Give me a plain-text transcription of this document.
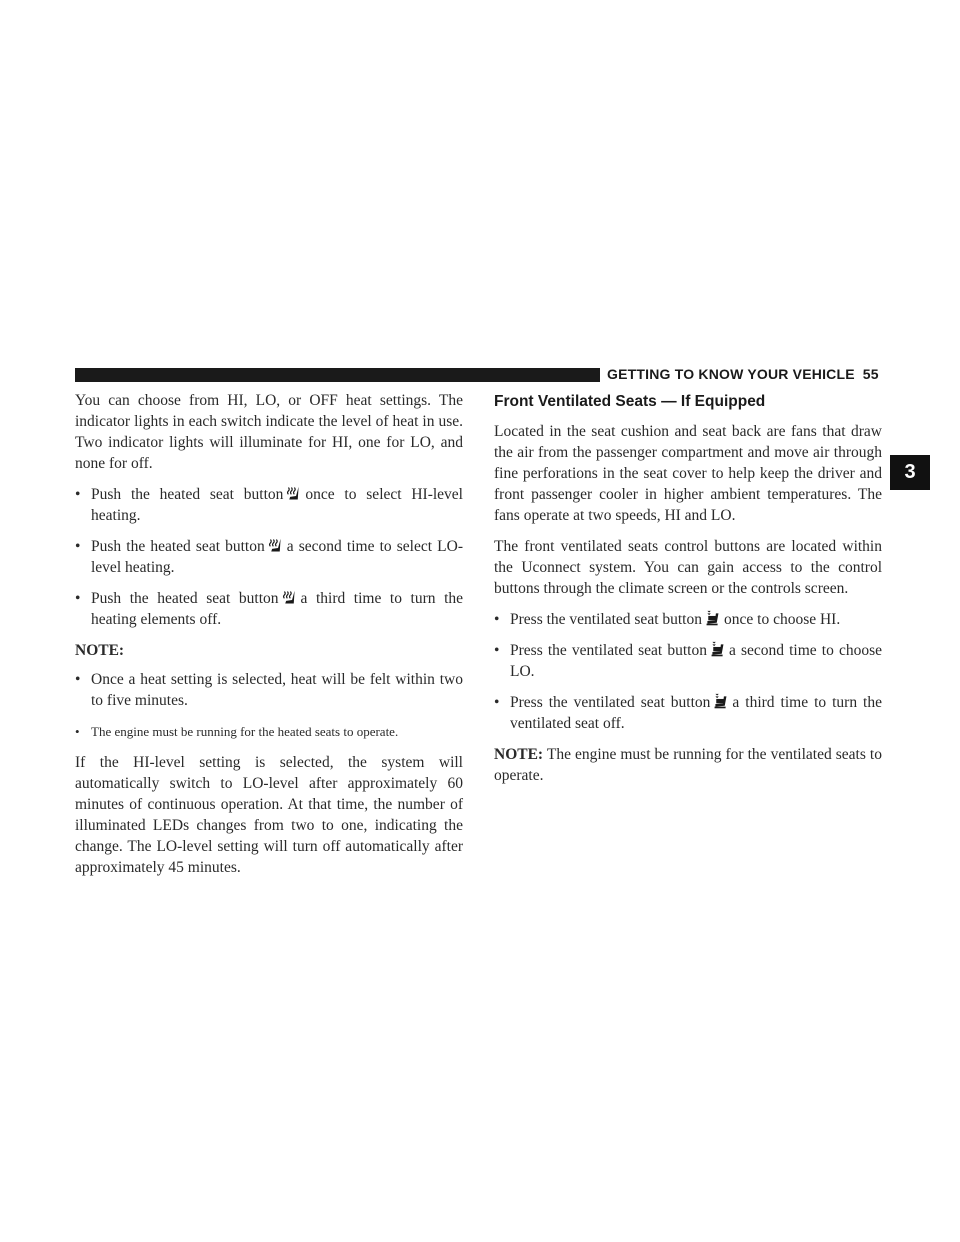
GETTING TO KNOW YOUR VEHICLE 55
3

You can choose from HI, LO, or OFF heat settings. The indicator lights in each switch indicate the level of heat in use. Two indicator lights will illuminate for HI, one for LO, and none for off.

• Push the heated seat button once to select HI-level heating.
• Push the heated seat button a second time to select LO-level heating.
• Push the heated seat button a third time to turn the heating elements off.
NOTE:
• Once a heat setting is selected, heat will be felt within two to five minutes.
• The engine must be running for the heated seats to operate.

If the HI-level setting is selected, the system will automatically switch to LO-level after approximately 60 minutes of continuous operation. At that time, the number of illuminated LEDs changes from two to one, indicating the change. The LO-level setting will turn off automatically after approximately 45 minutes.

Front Ventilated Seats — If Equipped

Located in the seat cushion and seat back are fans that draw the air from the passenger compartment and move air through fine perforations in the seat cover to help keep the driver and front passenger cooler in higher ambient temperatures. The fans operate at two speeds, HI and LO.

The front ventilated seats control buttons are located within the Uconnect system. You can gain access to the control buttons through the climate screen or the controls screen.

• Press the ventilated seat button once to choose HI.
• Press the ventilated seat button a second time to choose LO.
• Press the ventilated seat button a third time to turn the ventilated seat off.

NOTE: The engine must be running for the ventilated seats to operate.
